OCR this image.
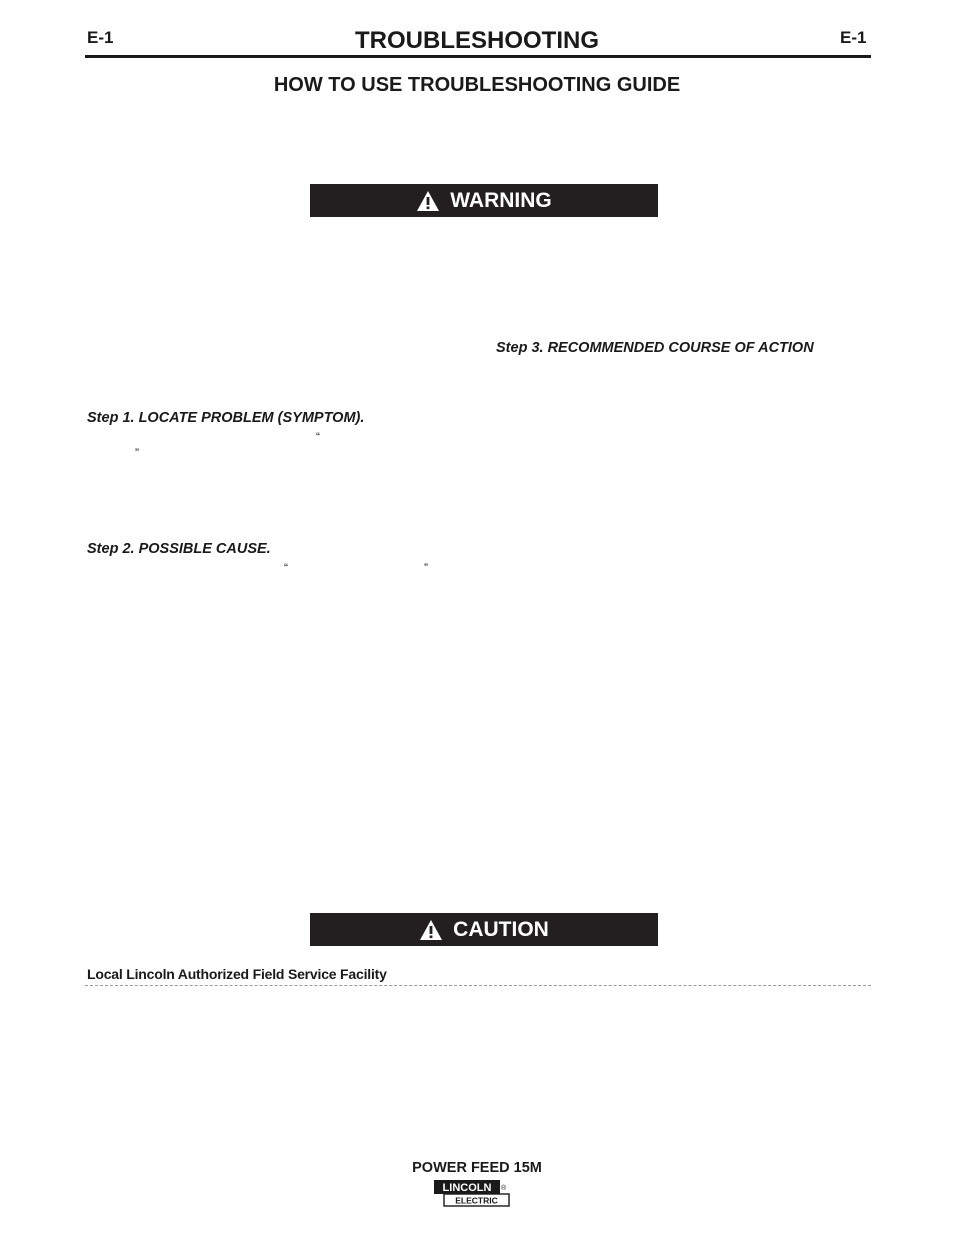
E-1	TROUBLESHOOTING	E-1
HOW TO USE TROUBLESHOOTING GUIDE
WARNING
Step 3. RECOMMENDED COURSE OF ACTION
Step 1. LOCATE PROBLEM (SYMPTOM).
“
”
Step 2. POSSIBLE CAUSE.
“	”
CAUTION
Local Lincoln Authorized Field Service Facility
POWER FEED 15M
LINCOLN
ELECTRIC
®
